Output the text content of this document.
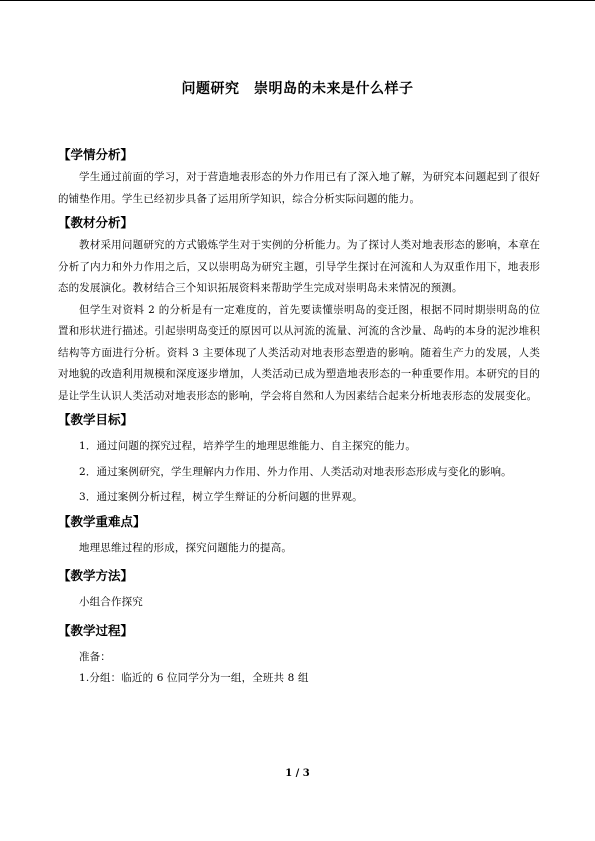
问题研究　崇明岛的未来是什么样子
【学情分析】

学生通过前面的学习，对于营造地表形态的外力作用已有了深入地了解，为研究本问题起到了很好的铺垫作用。学生已经初步具备了运用所学知识，综合分析实际问题的能力。

【教材分析】

教材采用问题研究的方式锻炼学生对于实例的分析能力。为了探讨人类对地表形态的影响，本章在分析了内力和外力作用之后，又以崇明岛为研究主题，引导学生探讨在河流和人为双重作用下，地表形态的发展演化。教材结合三个知识拓展资料来帮助学生完成对崇明岛未来情况的预测。

但学生对资料 2 的分析是有一定难度的，首先要读懂崇明岛的变迁图，根据不同时期崇明岛的位置和形状进行描述。引起崇明岛变迁的原因可以从河流的流量、河流的含沙量、岛屿的本身的泥沙堆积结构等方面进行分析。资料 3 主要体现了人类活动对地表形态塑造的影响。随着生产力的发展，人类对地貌的改造利用规模和深度逐步增加，人类活动已成为塑造地表形态的一种重要作用。本研究的目的是让学生认识人类活动对地表形态的影响，学会将自然和人为因素结合起来分析地表形态的发展变化。

【教学目标】

1．通过问题的探究过程，培养学生的地理思维能力、自主探究的能力。

2．通过案例研究，学生理解内力作用、外力作用、人类活动对地表形态形成与变化的影响。

3．通过案例分析过程，树立学生辩证的分析问题的世界观。

【教学重难点】

地理思维过程的形成，探究问题能力的提高。

【教学方法】

小组合作探究

【教学过程】

准备：

1.分组：临近的 6 位同学分为一组，全班共 8 组

1 / 3
